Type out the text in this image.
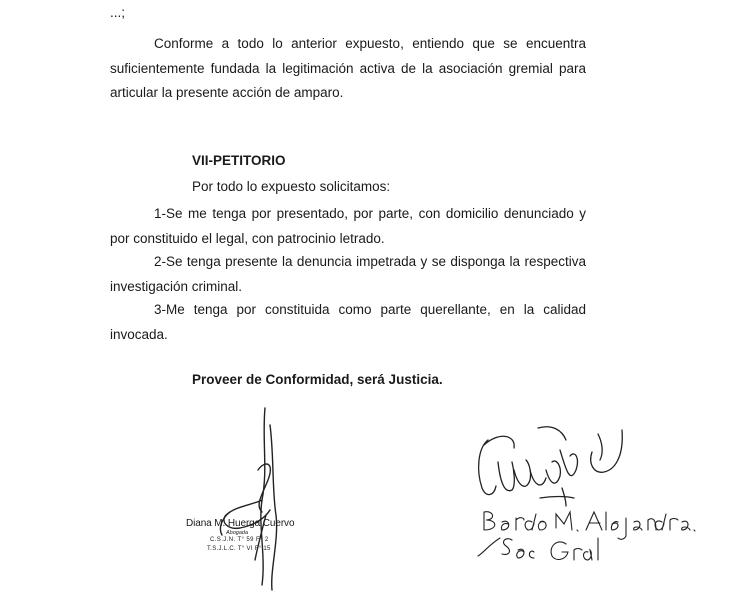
...;

Conforme a todo lo anterior expuesto, entiendo que se encuentra suficientemente fundada la legitimación activa de la asociación gremial para articular la presente acción de amparo.

VII-PETITORIO

Por todo lo expuesto solicitamos:

1-Se me tenga por presentado, por parte, con domicilio denunciado y por constituido el legal, con patrocinio letrado.

2-Se tenga presente la denuncia impetrada y se disponga la respectiva investigación criminal.

3-Me tenga por constituida como parte querellante, en la calidad invocada.

Proveer de Conformidad, será Justicia.

Diana M. Huerga Cuervo

Abogada

C.S.J.N. T° 59 F° 2

T.S.J.L.C. T° VI F° 15
